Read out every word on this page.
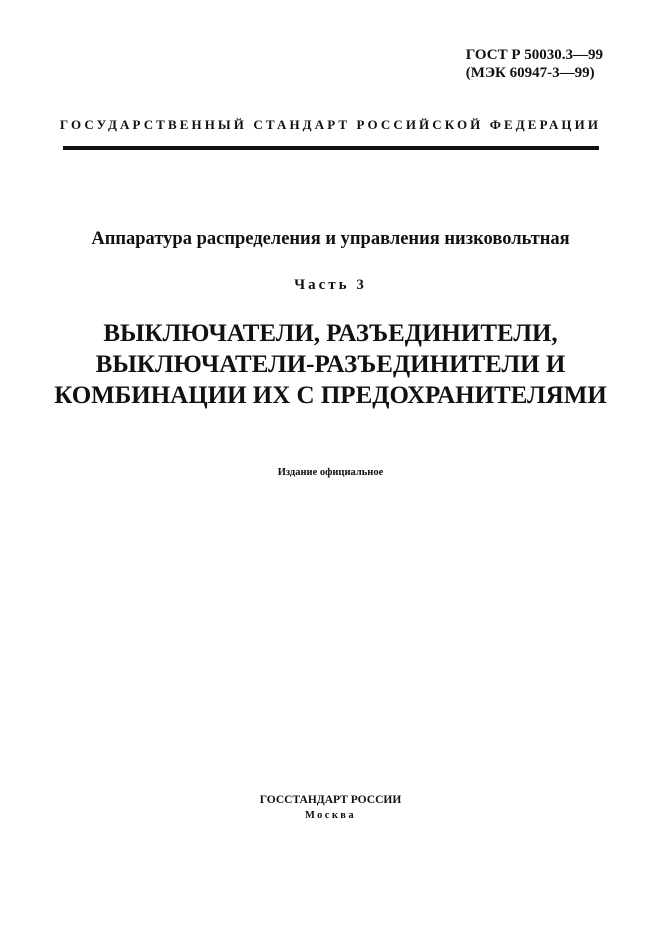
ГОСТ Р 50030.3—99
(МЭК 60947-3—99)
ГОСУДАРСТВЕННЫЙ СТАНДАРТ РОССИЙСКОЙ ФЕДЕРАЦИИ
Аппаратура распределения и управления низковольтная
Часть 3
ВЫКЛЮЧАТЕЛИ, РАЗЪЕДИНИТЕЛИ,
ВЫКЛЮЧАТЕЛИ-РАЗЪЕДИНИТЕЛИ И
КОМБИНАЦИИ ИХ С ПРЕДОХРАНИТЕЛЯМИ
Издание официальное
ГОССТАНДАРТ РОССИИ
Москва
